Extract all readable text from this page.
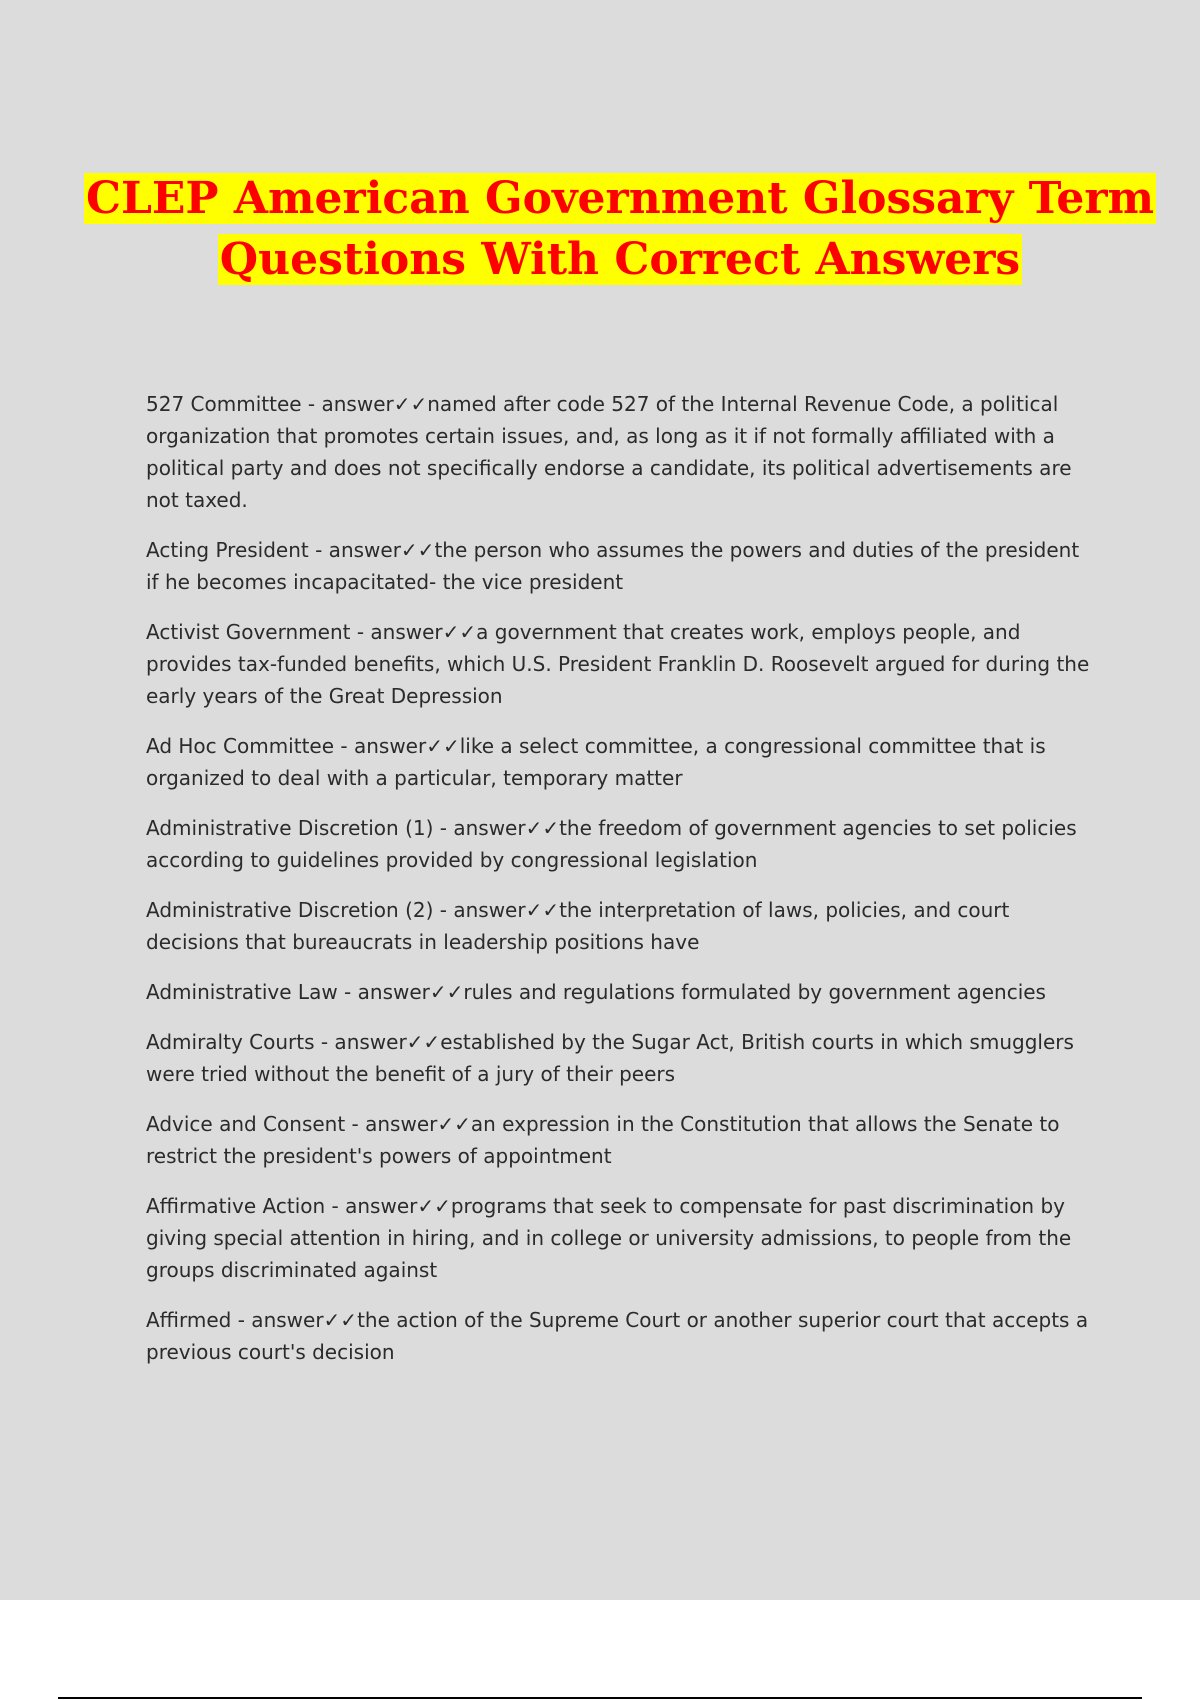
CLEP American Government Glossary Term
Questions With Correct Answers

527 Committee - answer✓✓named after code 527 of the Internal Revenue Code, a political organization that promotes certain issues, and, as long as it if not formally affiliated with a political party and does not specifically endorse a candidate, its political advertisements are not taxed.

Acting President - answer✓✓the person who assumes the powers and duties of the president if he becomes incapacitated- the vice president

Activist Government - answer✓✓a government that creates work, employs people, and provides tax-funded benefits, which U.S. President Franklin D. Roosevelt argued for during the early years of the Great Depression

Ad Hoc Committee - answer✓✓like a select committee, a congressional committee that is organized to deal with a particular, temporary matter

Administrative Discretion (1) - answer✓✓the freedom of government agencies to set policies according to guidelines provided by congressional legislation

Administrative Discretion (2) - answer✓✓the interpretation of laws, policies, and court decisions that bureaucrats in leadership positions have

Administrative Law - answer✓✓rules and regulations formulated by government agencies

Admiralty Courts - answer✓✓established by the Sugar Act, British courts in which smugglers were tried without the benefit of a jury of their peers

Advice and Consent - answer✓✓an expression in the Constitution that allows the Senate to restrict the president's powers of appointment

Affirmative Action - answer✓✓programs that seek to compensate for past discrimination by giving special attention in hiring, and in college or university admissions, to people from the groups discriminated against

Affirmed - answer✓✓the action of the Supreme Court or another superior court that accepts a previous court's decision
